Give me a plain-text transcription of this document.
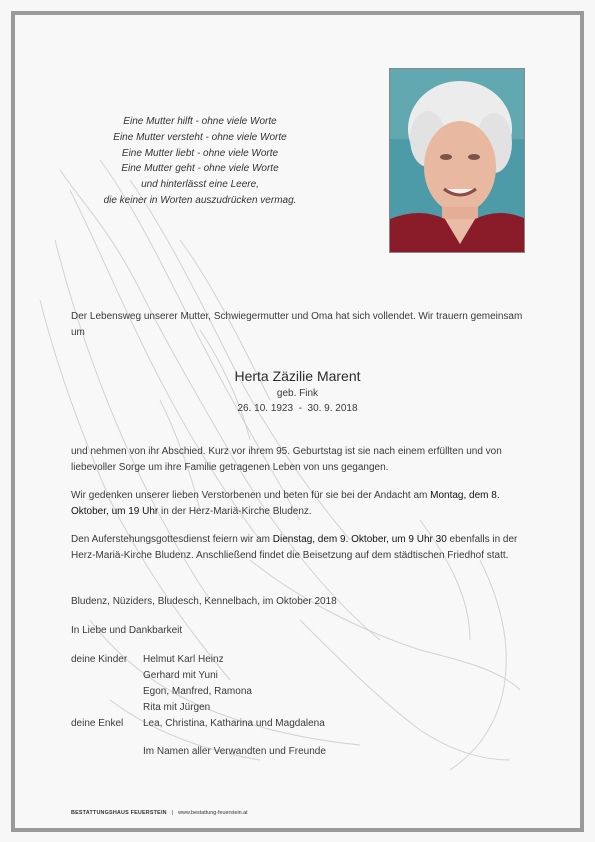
Eine Mutter hilft - ohne viele Worte
Eine Mutter versteht - ohne viele Worte
Eine Mutter liebt - ohne viele Worte
Eine Mutter geht - ohne viele Worte
und hinterlässt eine Leere,
die keiner in Worten auszudrücken vermag.
Der Lebensweg unserer Mutter, Schwiegermutter und Oma hat sich vollendet. Wir trauern gemeinsam um
Herta Zäzilie Marent
geb. Fink
26. 10. 1923  -  30. 9. 2018
und nehmen von ihr Abschied. Kurz vor ihrem 95. Geburtstag ist sie nach einem erfüllten und von liebevoller Sorge um ihre Familie getragenen Leben von uns gegangen.
Wir gedenken unserer lieben Verstorbenen und beten für sie bei der Andacht am Montag, dem 8. Oktober, um 19 Uhr in der Herz-Mariä-Kirche Bludenz.
Den Auferstehungsgottesdienst feiern wir am Dienstag, dem 9. Oktober, um 9 Uhr 30 ebenfalls in der Herz-Mariä-Kirche Bludenz. Anschließend findet die Beisetzung auf dem städtischen Friedhof statt.
Bludenz, Nüziders, Bludesch, Kennelbach, im Oktober 2018
In Liebe und Dankbarkeit
deine Kinder Helmut Karl Heinz
Gerhard mit Yuni
Egon, Manfred, Ramona
Rita mit Jürgen
deine Enkel Lea, Christina, Katharina und Magdalena
Im Namen aller Verwandten und Freunde
BESTATTUNGSHAUS FEUERSTEIN | www.bestattung-feuerstein.at
